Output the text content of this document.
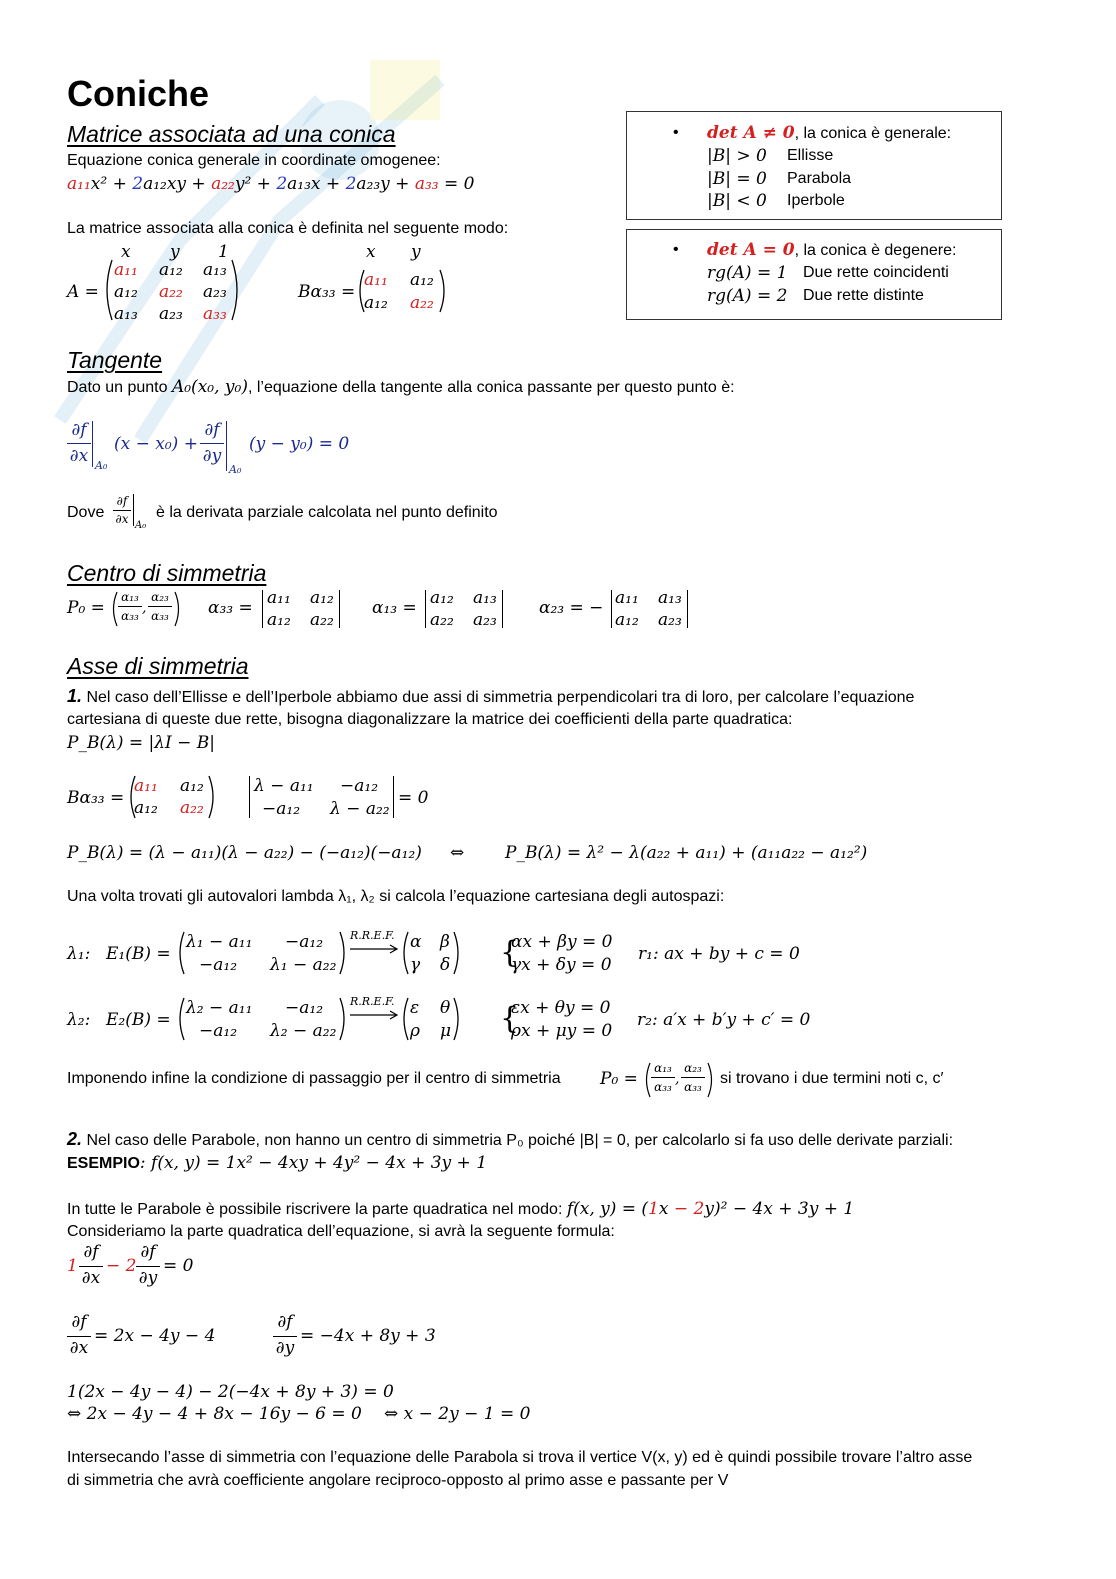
Coniche
Matrice associata ad una conica
Equazione conica generale in coordinate omogenee:
a₁₁x² + 2a₁₂xy + a₂₂y² + 2a₁₃x + 2a₂₃y + a₃₃ = 0
La matrice associata alla conica è definita nel seguente modo:
A =
x y 1
a₁₁ a₁₂ a₁₃
a₁₂ a₂₂ a₂₃
a₁₃ a₂₃ a₃₃
Bα₃₃ =
x y
a₁₁ a₁₂
a₁₂ a₂₂
• det A ≠ 0, la conica è generale:
|B| > 0 Ellisse
|B| = 0 Parabola
|B| < 0 Iperbole
• det A = 0, la conica è degenere:
rg(A) = 1 Due rette coincidenti
rg(A) = 2 Due rette distinte
Tangente
Dato un punto A₀(x₀, y₀), l’equazione della tangente alla conica passante per questo punto è:
∂f
∂x A₀
(x − x₀) +
∂f
∂y
A₀
(y − y₀) = 0
Dove
∂f
∂x A₀
è la derivata parziale calcolata nel punto definito
Centro di simmetria
P₀ =
α₁₃
α₃₃ ,
α₂₃
α₃₃ α₃₃ = a₁₁ a₁₂
a₁₂ a₂₂
α₁₃ = a₁₂ a₁₃
a₂₂ a₂₃
α₂₃ = − a₁₁ a₁₃
a₁₂ a₂₃
Asse di simmetria
1. Nel caso dell’Ellisse e dell’Iperbole abbiamo due assi di simmetria perpendicolari tra di loro, per calcolare l’equazione
cartesiana di queste due rette, bisogna diagonalizzare la matrice dei coefficienti della parte quadratica:
P_B(λ) = |λI − B|
Bα₃₃ =
a₁₁ a₁₂
a₁₂ a₂₂
λ − a₁₁ −a₁₂
−a₁₂ λ − a₂₂
= 0
P_B(λ) = (λ − a₁₁)(λ − a₂₂) − (−a₁₂)(−a₁₂) ⇔ P_B(λ) = λ² − λ(a₂₂ + a₁₁) + (a₁₁a₂₂ − a₁₂²)
Una volta trovati gli autovalori lambda λ₁, λ₂ si calcola l’equazione cartesiana degli autospazi:
λ₁: E₁(B) =
λ₁ − a₁₁ −a₁₂
−a₁₂ λ₁ − a₂₂
R.R.E.F. α β
γ δ {
αx + βy = 0
γx + δy = 0
r₁: ax + by + c = 0
λ₂: E₂(B) =
λ₂ − a₁₁ −a₁₂
−a₁₂ λ₂ − a₂₂
R.R.E.F. ε θ
ρ μ {
εx + θy = 0
ρx + μy = 0
r₂: a′x + b′y + c′ = 0
Imponendo infine la condizione di passaggio per il centro di simmetria P₀ =
α₁₃
α₃₃ ,
α₂₃
α₃₃ si trovano i due termini noti c, c′
2. Nel caso delle Parabole, non hanno un centro di simmetria P₀ poiché |B| = 0, per calcolarlo si fa uso delle derivate parziali:
ESEMPIO: f(x, y) = 1x² − 4xy + 4y² − 4x + 3y + 1
In tutte le Parabole è possibile riscrivere la parte quadratica nel modo: f(x, y) = (1x − 2y)² − 4x + 3y + 1
Consideriamo la parte quadratica dell’equazione, si avrà la seguente formula:
1
∂f
∂x
− 2
∂f
∂y
= 0
∂f
∂x
= 2x − 4y − 4
∂f
∂y
= −4x + 8y + 3
1(2x − 4y − 4) − 2(−4x + 8y + 3) = 0
⇔ 2x − 4y − 4 + 8x − 16y − 6 = 0 ⇔ x − 2y − 1 = 0
Intersecando l’asse di simmetria con l’equazione delle Parabola si trova il vertice V(x, y) ed è quindi possibile trovare l’altro asse
di simmetria che avrà coefficiente angolare reciproco-opposto al primo asse e passante per V
